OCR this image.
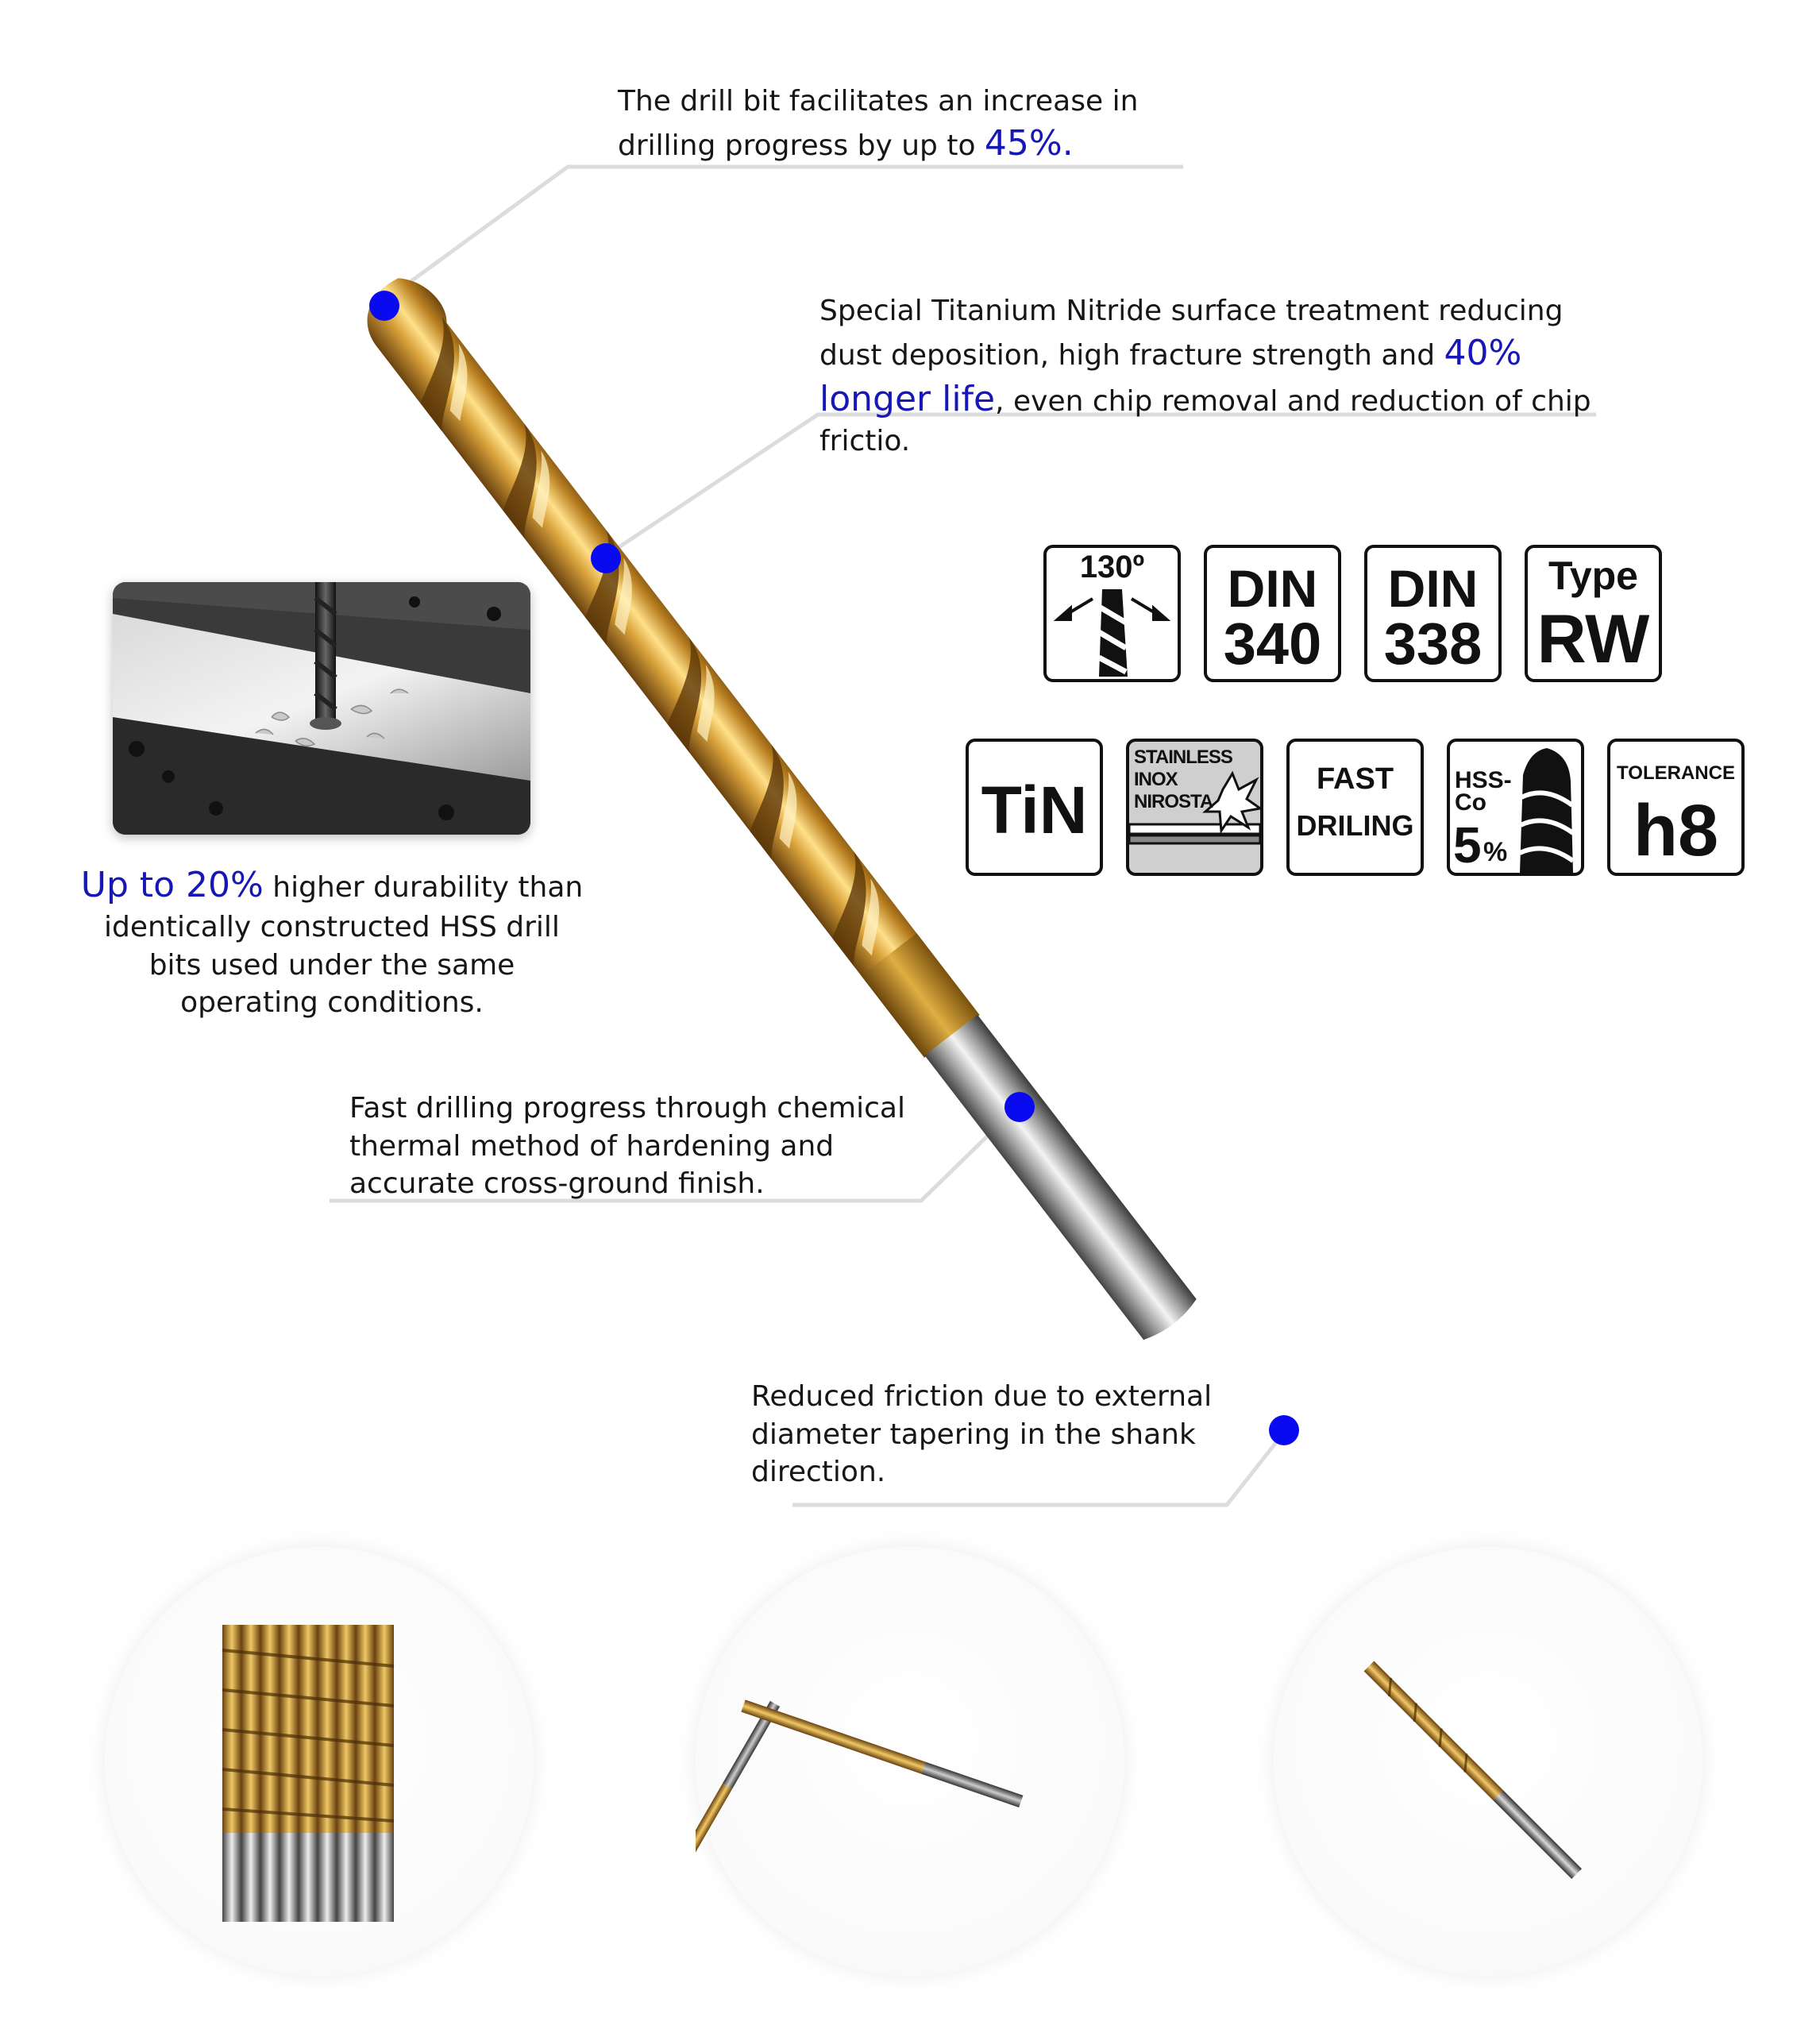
The drill bit facilitates an increase in drilling progress by up to 45%.
Special Titanium Nitride surface treatment reducing dust deposition, high fracture strength and 40% longer life, even chip removal and reduction of chip frictio.
Up to 20% higher durability than identically constructed HSS drill bits used under the same operating conditions.
Fast drilling progress through chemical thermal method of hardening and accurate cross-ground finish.
Reduced friction due to external diameter tapering in the shank direction.
130º	DIN
340
DIN
338
Type
RW
TiN
STAINLESS
INOX
NIROSTA
FAST
DRILING
HSS-
Co
5 %
TOLERANCE
h8
